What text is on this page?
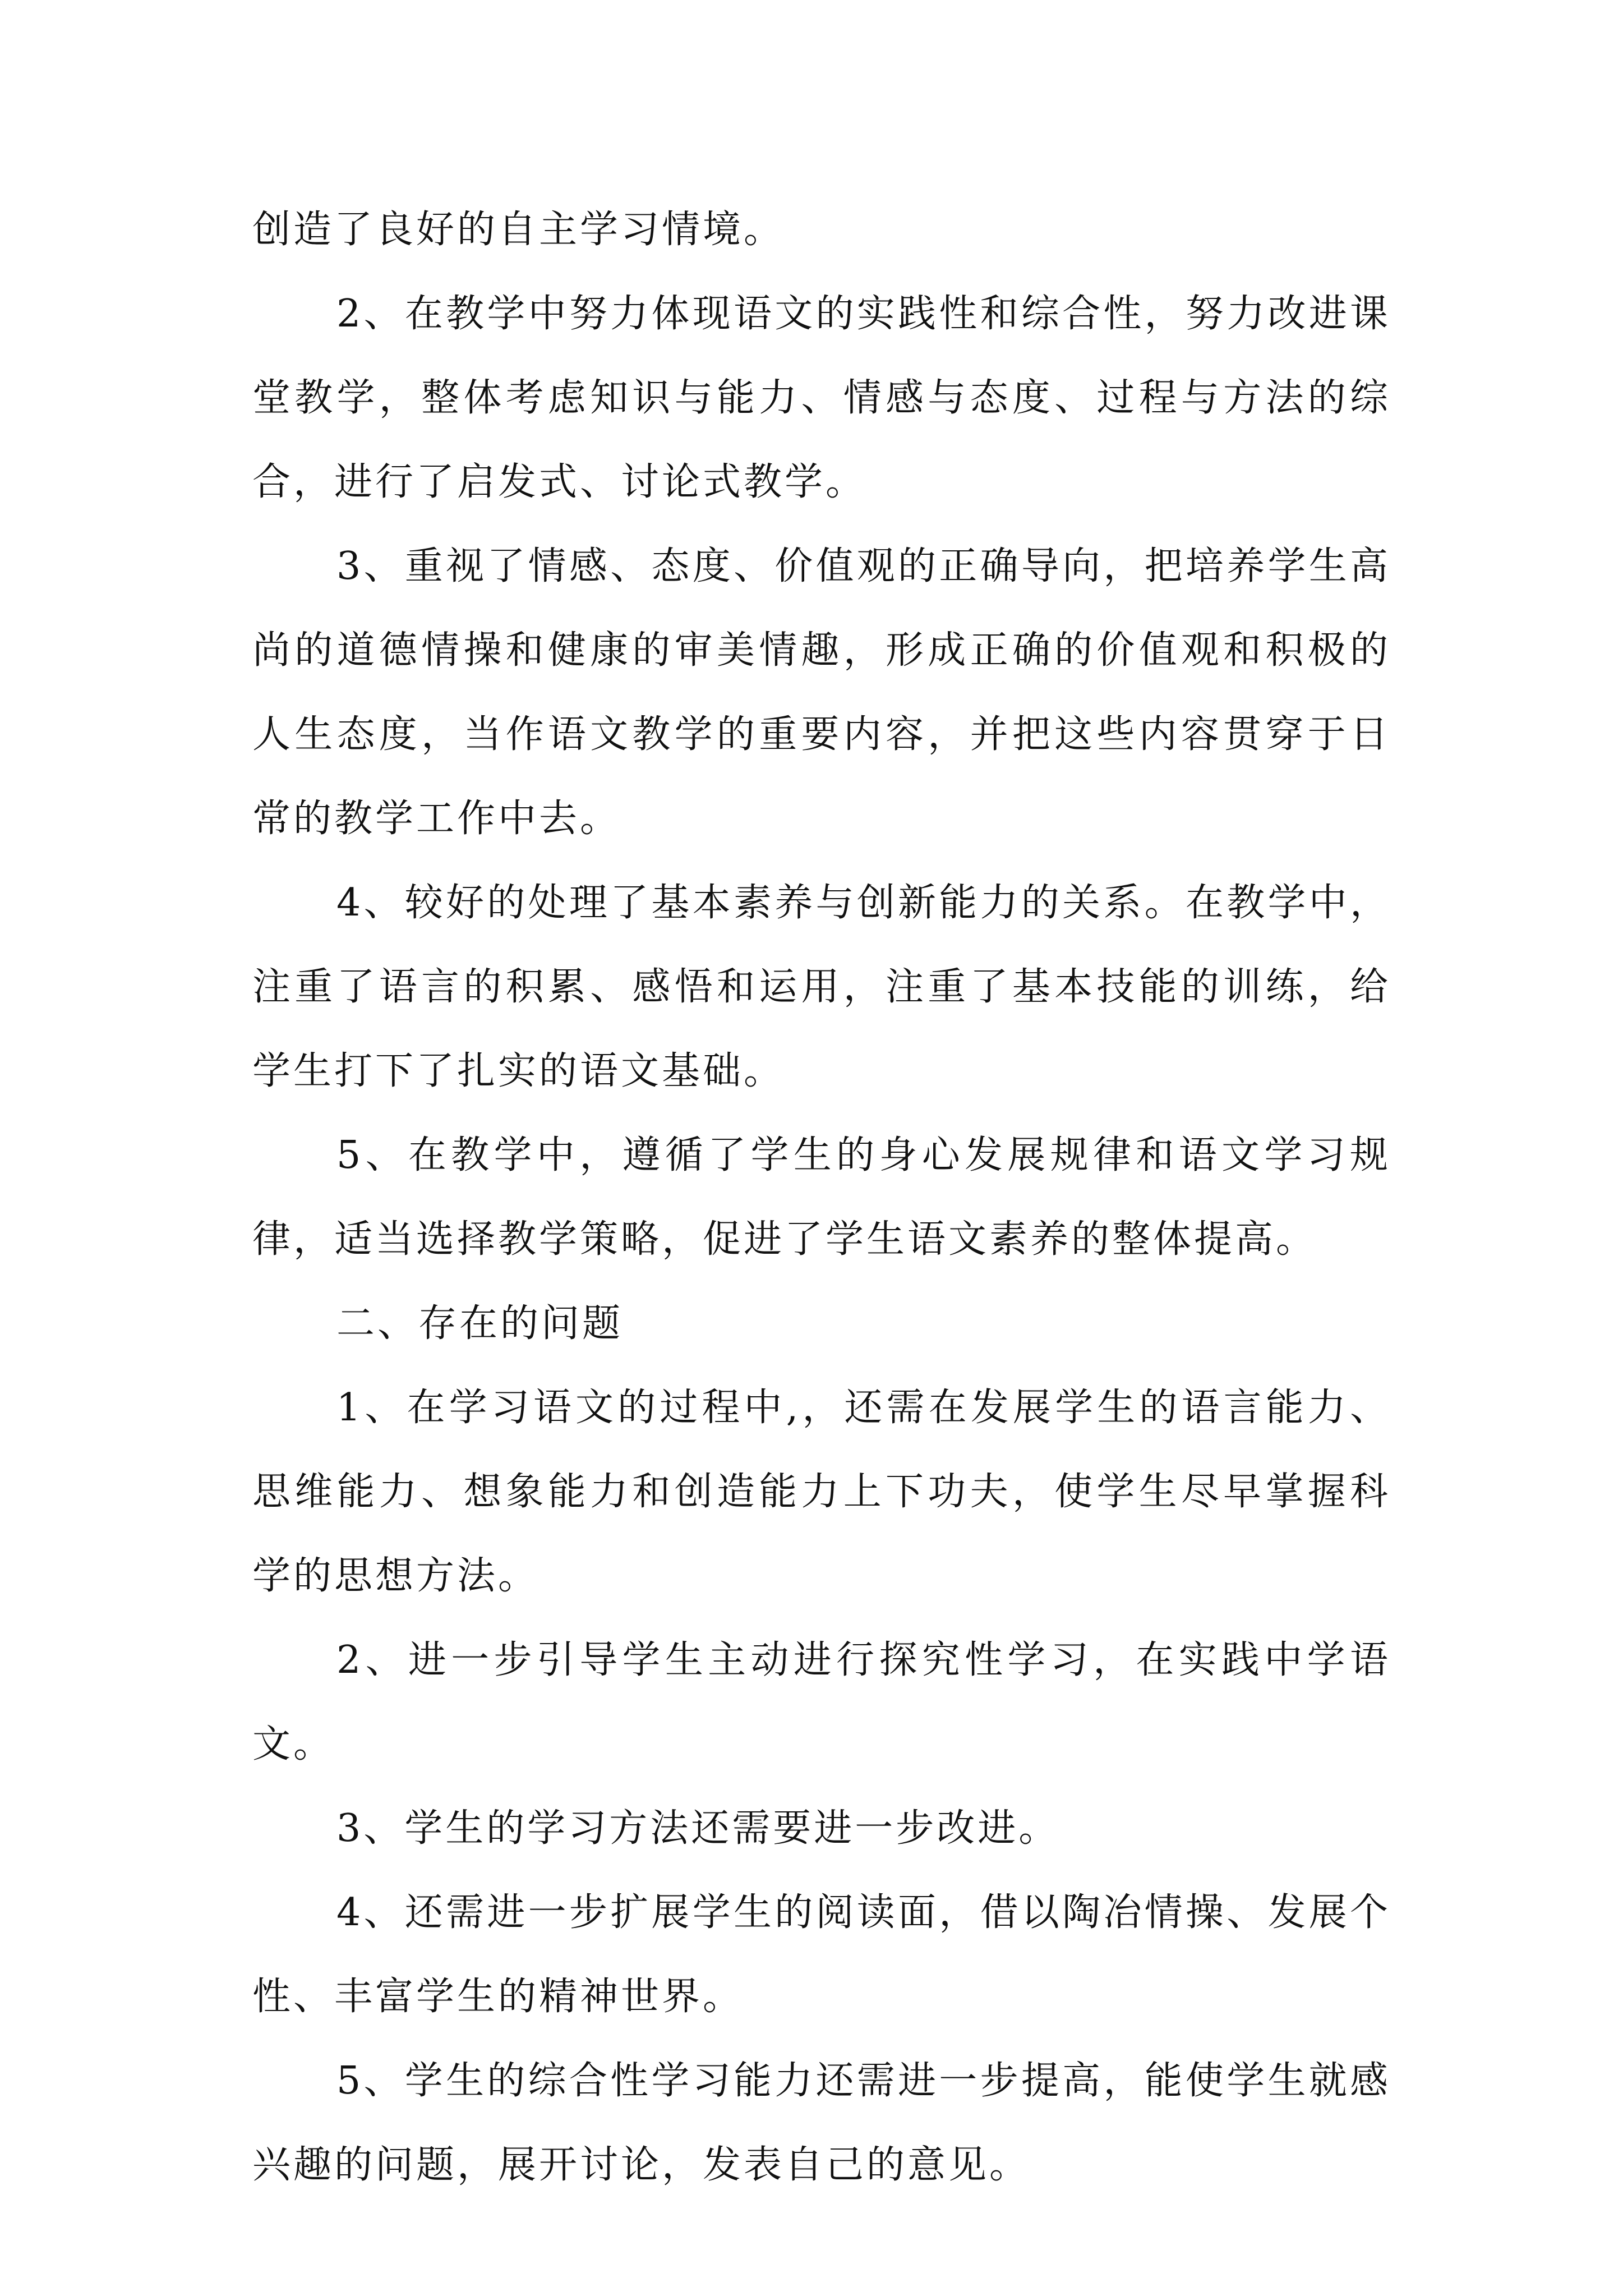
创造了良好的自主学习情境。

2、在教学中努力体现语文的实践性和综合性，努力改进课堂教学，整体考虑知识与能力、情感与态度、过程与方法的综合，进行了启发式、讨论式教学。

3、重视了情感、态度、价值观的正确导向，把培养学生高尚的道德情操和健康的审美情趣，形成正确的价值观和积极的人生态度，当作语文教学的重要内容，并把这些内容贯穿于日常的教学工作中去。

4、较好的处理了基本素养与创新能力的关系。在教学中，注重了语言的积累、感悟和运用，注重了基本技能的训练，给学生打下了扎实的语文基础。

5、在教学中，遵循了学生的身心发展规律和语文学习规律，适当选择教学策略，促进了学生语文素养的整体提高。

二、存在的问题

1、在学习语文的过程中,，还需在发展学生的语言能力、思维能力、想象能力和创造能力上下功夫，使学生尽早掌握科学的思想方法。

2、进一步引导学生主动进行探究性学习，在实践中学语文。

3、学生的学习方法还需要进一步改进。

4、还需进一步扩展学生的阅读面，借以陶冶情操、发展个性、丰富学生的精神世界。

5、学生的综合性学习能力还需进一步提高，能使学生就感兴趣的问题，展开讨论，发表自己的意见。
